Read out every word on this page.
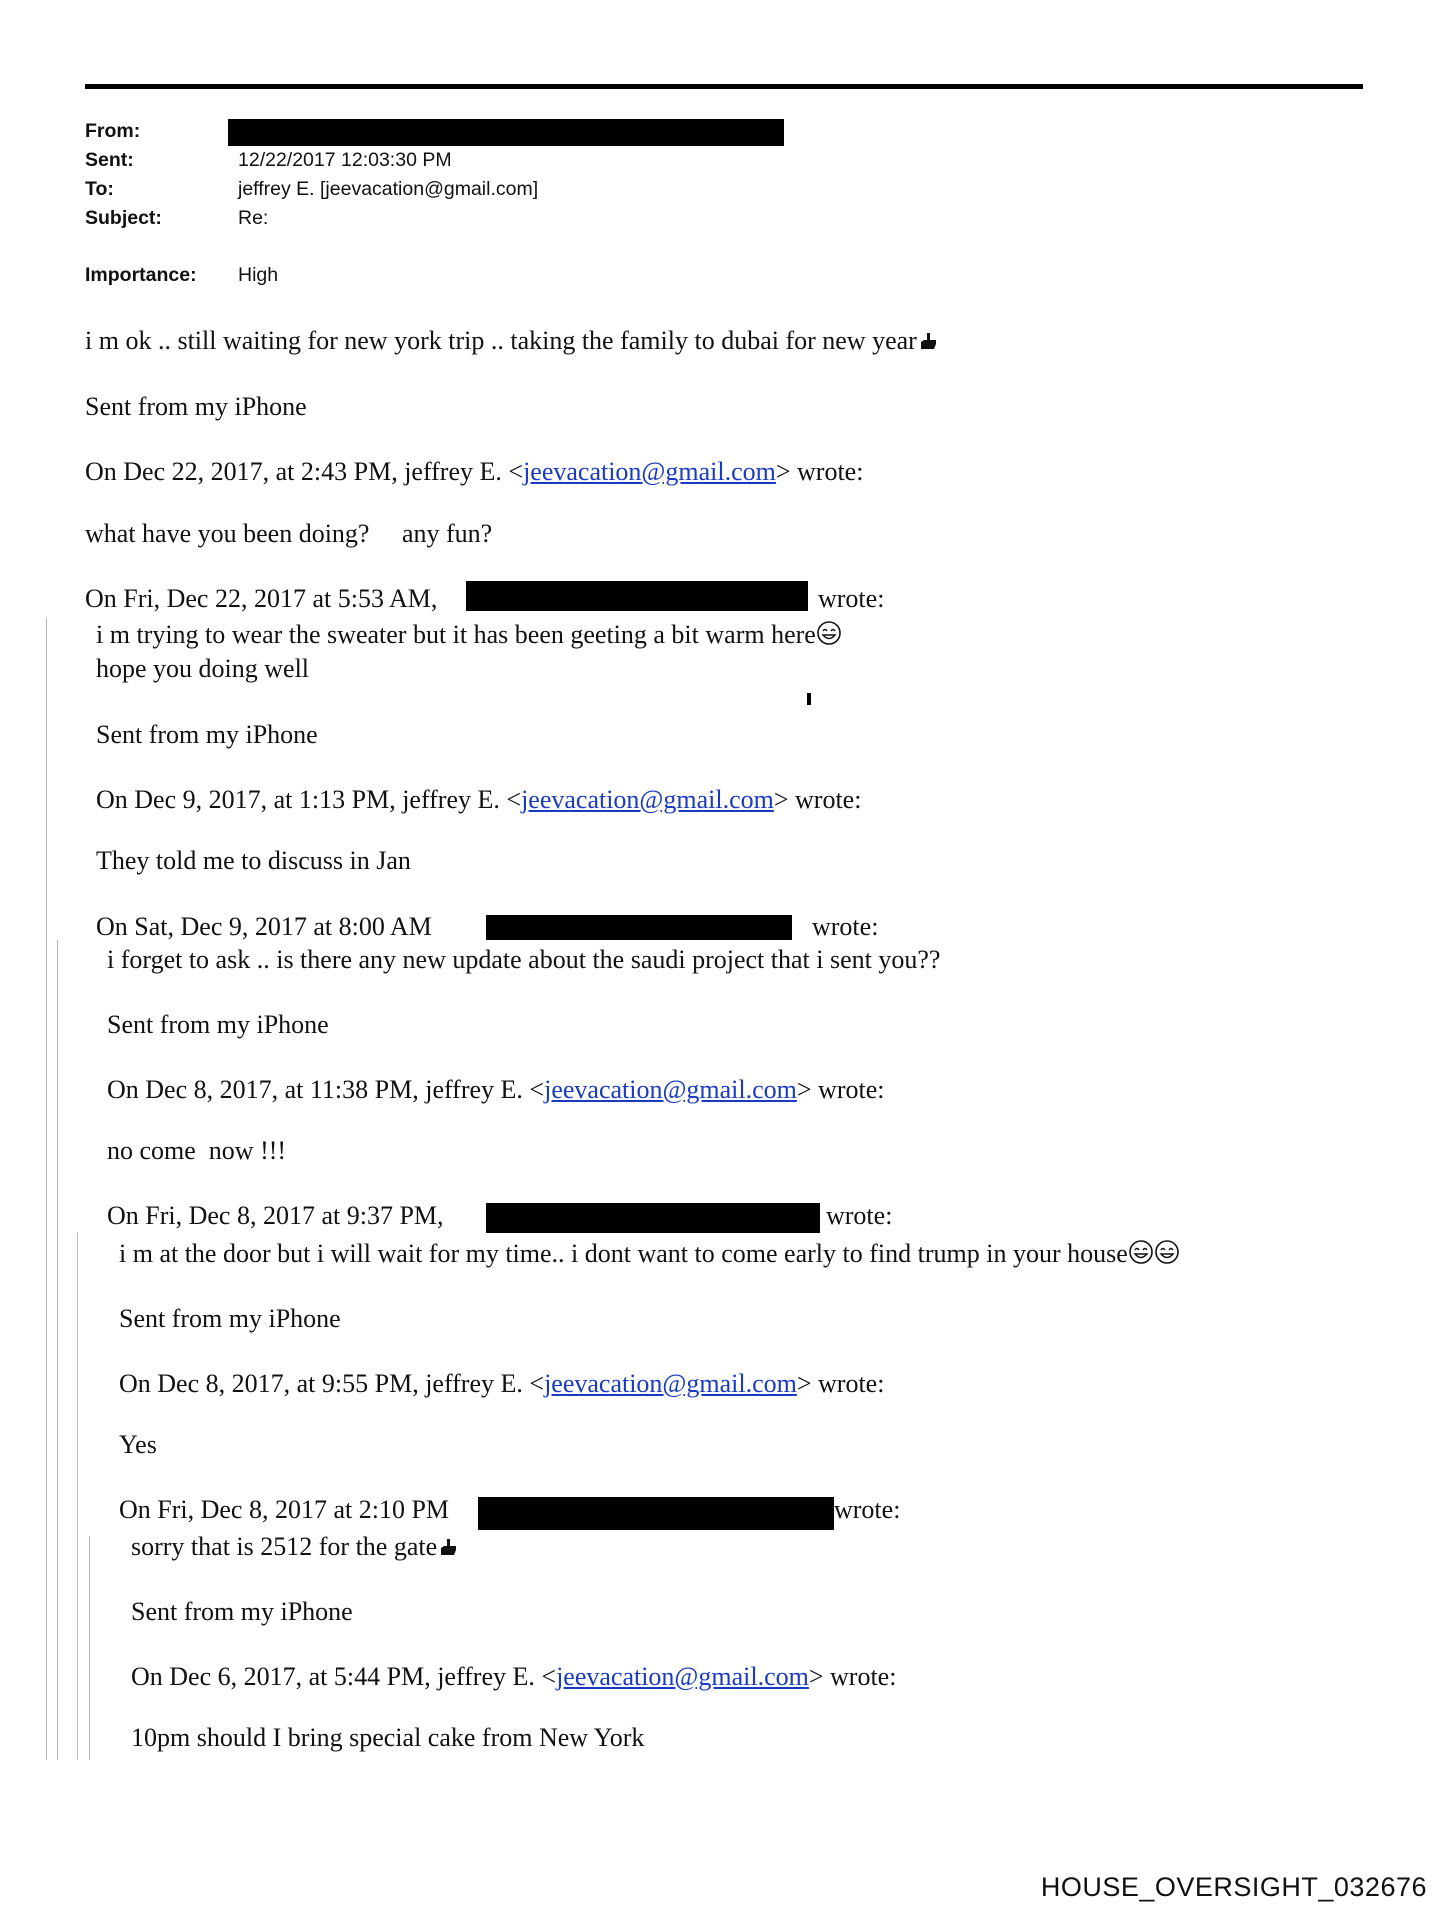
From:
Sent:	12/22/2017 12:03:30 PM
To:	jeffrey E. [jeevacation@gmail.com]
Subject:	Re:
Importance: High
i m ok .. still waiting for new york trip .. taking the family to dubai for new year
Sent from my iPhone
On Dec 22, 2017, at 2:43 PM, jeffrey E. <jeevacation@gmail.com> wrote:
what have you been doing?     any fun?
On Fri, Dec 22, 2017 at 5:53 AM,	wrote:
i m trying to wear the sweater but it has been geeting a bit warm here
hope you doing well
Sent from my iPhone
On Dec 9, 2017, at 1:13 PM, jeffrey E. <jeevacation@gmail.com> wrote:
They told me to discuss in Jan
On Sat, Dec 9, 2017 at 8:00 AM	wrote:
i forget to ask .. is there any new update about the saudi project that i sent you??
Sent from my iPhone
On Dec 8, 2017, at 11:38 PM, jeffrey E. <jeevacation@gmail.com> wrote:
no come  now !!!
On Fri, Dec 8, 2017 at 9:37 PM,	wrote:
i m at the door but i will wait for my time.. i dont want to come early to find trump in your house
Sent from my iPhone
On Dec 8, 2017, at 9:55 PM, jeffrey E. <jeevacation@gmail.com> wrote:
Yes
On Fri, Dec 8, 2017 at 2:10 PM	wrote:
sorry that is 2512 for the gate
Sent from my iPhone
On Dec 6, 2017, at 5:44 PM, jeffrey E. <jeevacation@gmail.com> wrote:
10pm should I bring special cake from New York
HOUSE_OVERSIGHT_032676
